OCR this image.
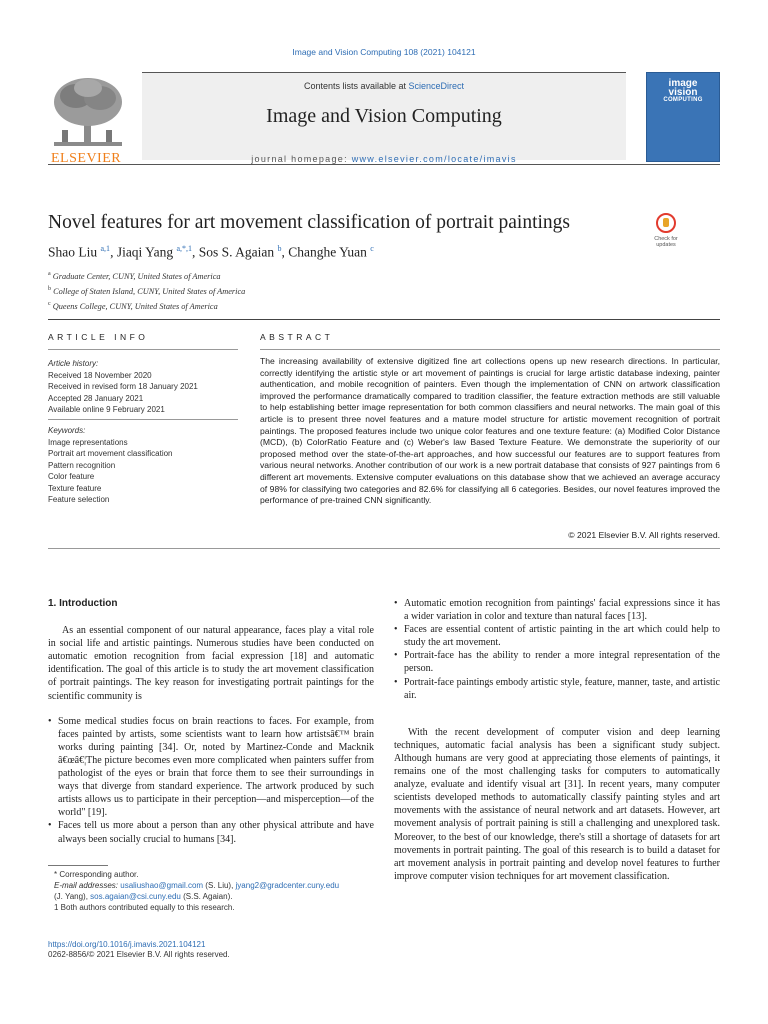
Image and Vision Computing 108 (2021) 104121
ELSEVIER
Contents lists available at ScienceDirect
Image and Vision Computing
journal homepage: www.elsevier.com/locate/imavis
image
vision
COMPUTING
Novel features for art movement classification of portrait paintings
Check for updates
Shao Liu $^{a,1}$, Jiaqi Yang $^{a,*,1}$, Sos S. Agaian $^b$, Changhe Yuan $^c$
$^a$ Graduate Center, CUNY, United States of America
$^b$ College of Staten Island, CUNY, United States of America
$^c$ Queens College, CUNY, United States of America
ARTICLE INFO	ABSTRACT
Article history:
Received 18 November 2020
Received in revised form 18 January 2021
Accepted 28 January 2021
Available online 9 February 2021
Keywords:
Image representations
Portrait art movement classification
Pattern recognition
Color feature
Texture feature
Feature selection
The increasing availability of extensive digitized fine art collections opens up new research directions. In particular, correctly identifying the artistic style or art movement of paintings is crucial for large artistic database indexing, painter authentication, and mobile recognition of painters. Even though the implementation of CNN on artwork classification improved the performance dramatically compared to tradition classifier, the feature extraction methods are still valuable to help establishing better image representation for both common classifiers and neural networks. The main goal of this article is to present three novel features and a mature model structure for artistic movement recognition of portrait paintings. The proposed features include two unique color features and one texture feature: (a) Modified Color Distance (MCD), (b) ColorRatio Feature and (c) Weber's law Based Texture Feature. We demonstrate the superiority of our proposed method over the state-of-the-art approaches, and how successful our features are to support features from various neural networks. Another contribution of our work is a new portrait database that consists of 927 paintings from 6 different art movements. Extensive computer evaluations on this database show that we achieved an average accuracy of 98% for classifying two categories and 82.6% for classifying all 6 categories. Besides, our novel features improved the performance of pre-trained CNN significantly.
© 2021 Elsevier B.V. All rights reserved.
1. Introduction
As an essential component of our natural appearance, faces play a vital role in social life and artistic paintings. Numerous studies have been conducted on automatic emotion recognition from facial expression [18] and automatic identification. The goal of this article is to study the art movement classification of portrait paintings. The key reason for investigating portrait paintings for the scientific community is
• Some medical studies focus on brain reactions to faces. For example, from faces painted by artists, some scientists want to learn how artistsâ€™ brain works during painting [34]. Or, noted by Martinez-Conde and Macknik â€œâ€¦The picture becomes even more complicated when painters suffer from pathologist of the eyes or brain that force them to see their surroundings in ways that diverge from standard experience. The artwork produced by such artists allows us to participate in their perception—and misperception—of the world" [19].
• Faces tell us more about a person than any other physical attribute and have always been socially crucial to humans [34].
• Automatic emotion recognition from paintings' facial expressions since it has a wider variation in color and texture than natural faces [13].
• Faces are essential content of artistic painting in the art which could help to study the art movement.
• Portrait-face has the ability to render a more integral representation of the person.
• Portrait-face paintings embody artistic style, feature, manner, taste, and artistic air.
With the recent development of computer vision and deep learning techniques, automatic facial analysis has been a significant study subject. Although humans are very good at appreciating those elements of paintings, it remains one of the most challenging tasks for computers to automatically analyze, evaluate and identify visual art [31]. In recent years, many computer scientists developed methods to automatically classify painting styles and art movements with the assistance of neural network and art datasets. However, art movement analysis of portrait paining is still a challenging and unexplored task. Moreover, to the best of our knowledge, there's still a shortage of datasets for art movements in portrait painting. The goal of this research is to build a dataset for art movement analysis in portrait painting and develop novel features to further improve computer vision techniques for art movement classification.
* Corresponding author.
E-mail addresses: usaliushao@gmail.com (S. Liu), jyang2@gradcenter.cuny.edu
(J. Yang), sos.agaian@csi.cuny.edu (S.S. Agaian).
1 Both authors contributed equally to this research.
https://doi.org/10.1016/j.imavis.2021.104121
0262-8856/© 2021 Elsevier B.V. All rights reserved.
